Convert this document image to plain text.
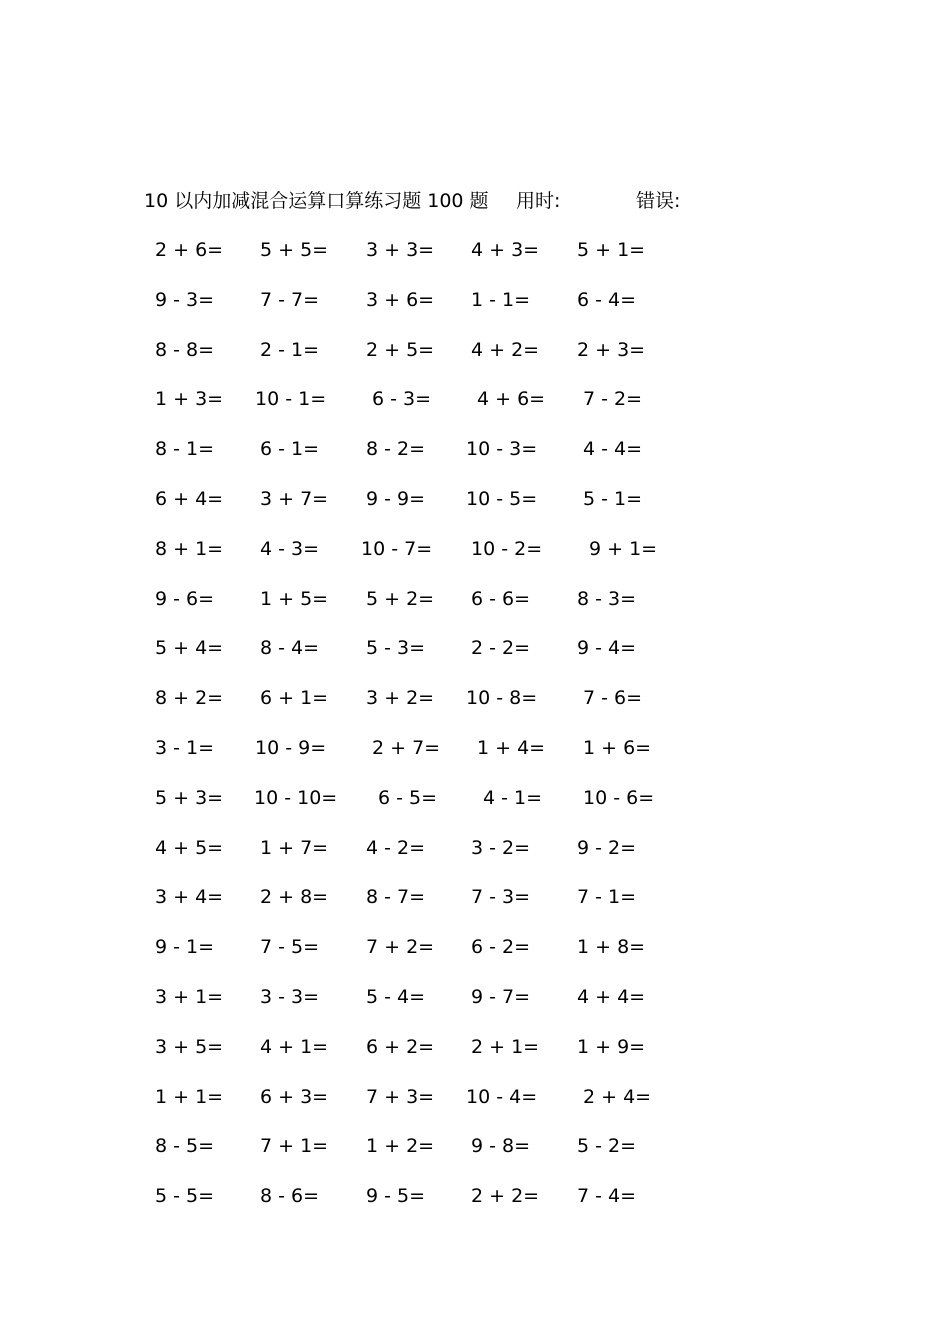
10 以内加减混合运算口算练习题 100 题 用时:	错误:
2 + 6= 5 + 5= 3 + 3= 4 + 3= 5 + 1=
9 - 3= 7 - 7= 3 + 6= 1 - 1= 6 - 4=
8 - 8= 2 - 1= 2 + 5= 4 + 2= 2 + 3=
1 + 3= 10 - 1= 6 - 3= 4 + 6= 7 - 2=
8 - 1= 6 - 1= 8 - 2= 10 - 3= 4 - 4=
6 + 4= 3 + 7= 9 - 9= 10 - 5= 5 - 1=
8 + 1= 4 - 3= 10 - 7= 10 - 2= 9 + 1=
9 - 6= 1 + 5= 5 + 2= 6 - 6= 8 - 3=
5 + 4= 8 - 4= 5 - 3= 2 - 2= 9 - 4=
8 + 2= 6 + 1= 3 + 2= 10 - 8= 7 - 6=
3 - 1= 10 - 9= 2 + 7= 1 + 4= 1 + 6=
5 + 3= 10 - 10= 6 - 5= 4 - 1= 10 - 6=
4 + 5= 1 + 7= 4 - 2= 3 - 2= 9 - 2=
3 + 4= 2 + 8= 8 - 7= 7 - 3= 7 - 1=
9 - 1= 7 - 5= 7 + 2= 6 - 2= 1 + 8=
3 + 1= 3 - 3= 5 - 4= 9 - 7= 4 + 4=
3 + 5= 4 + 1= 6 + 2= 2 + 1= 1 + 9=
1 + 1= 6 + 3= 7 + 3= 10 - 4= 2 + 4=
8 - 5= 7 + 1= 1 + 2= 9 - 8= 5 - 2=
5 - 5= 8 - 6= 9 - 5= 2 + 2= 7 - 4=
